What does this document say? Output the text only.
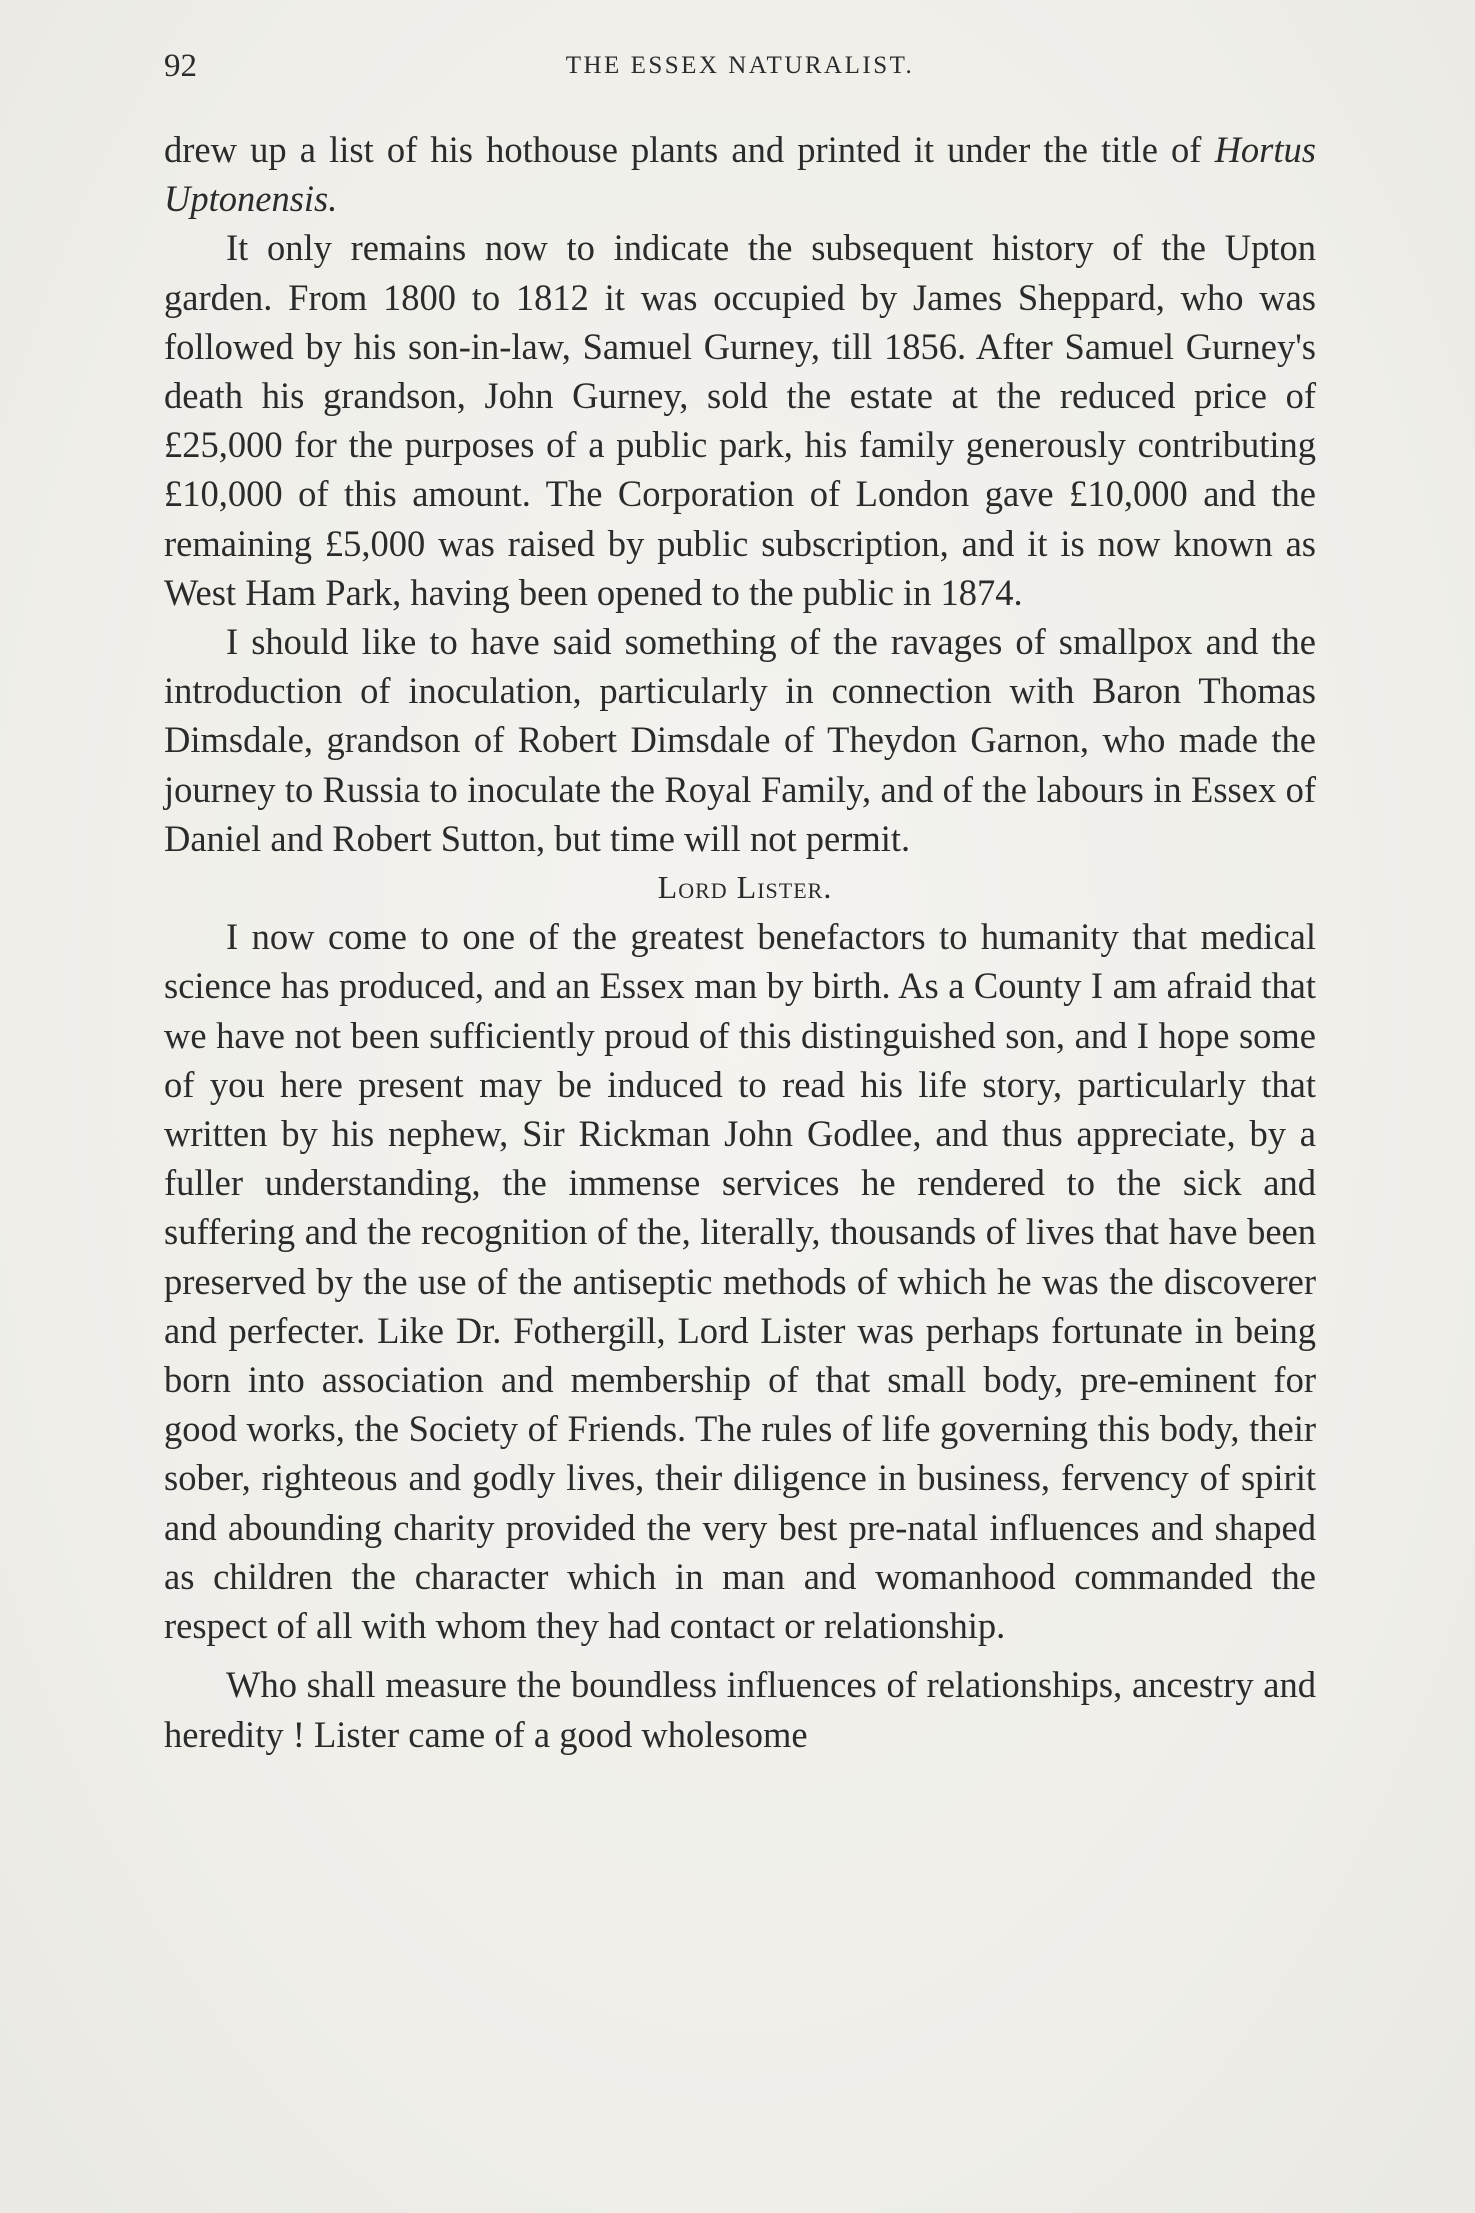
92	THE ESSEX NATURALIST.

drew up a list of his hothouse plants and printed it under the title of Hortus Uptonensis.

It only remains now to indicate the subsequent history of the Upton garden. From 1800 to 1812 it was occupied by James Sheppard, who was followed by his son-in-law, Samuel Gurney, till 1856. After Samuel Gurney's death his grandson, John Gurney, sold the estate at the reduced price of £25,000 for the purposes of a public park, his family generously contributing £10,000 of this amount. The Corporation of London gave £10,000 and the remaining £5,000 was raised by public subscription, and it is now known as West Ham Park, having been opened to the public in 1874.

I should like to have said something of the ravages of smallpox and the introduction of inoculation, particularly in connection with Baron Thomas Dimsdale, grandson of Robert Dimsdale of Theydon Garnon, who made the journey to Russia to inoculate the Royal Family, and of the labours in Essex of Daniel and Robert Sutton, but time will not permit.

Lord Lister.

I now come to one of the greatest benefactors to humanity that medical science has produced, and an Essex man by birth. As a County I am afraid that we have not been sufficiently proud of this distinguished son, and I hope some of you here present may be induced to read his life story, particularly that written by his nephew, Sir Rickman John Godlee, and thus appreciate, by a fuller understanding, the immense services he rendered to the sick and suffering and the recognition of the, literally, thousands of lives that have been preserved by the use of the antiseptic methods of which he was the discoverer and perfecter. Like Dr. Fothergill, Lord Lister was perhaps fortunate in being born into association and membership of that small body, pre-eminent for good works, the Society of Friends. The rules of life governing this body, their sober, righteous and godly lives, their diligence in business, fervency of spirit and abounding charity provided the very best pre-natal influences and shaped as children the character which in man and womanhood commanded the respect of all with whom they had contact or relationship.

Who shall measure the boundless influences of relationships, ancestry and heredity ! Lister came of a good wholesome
